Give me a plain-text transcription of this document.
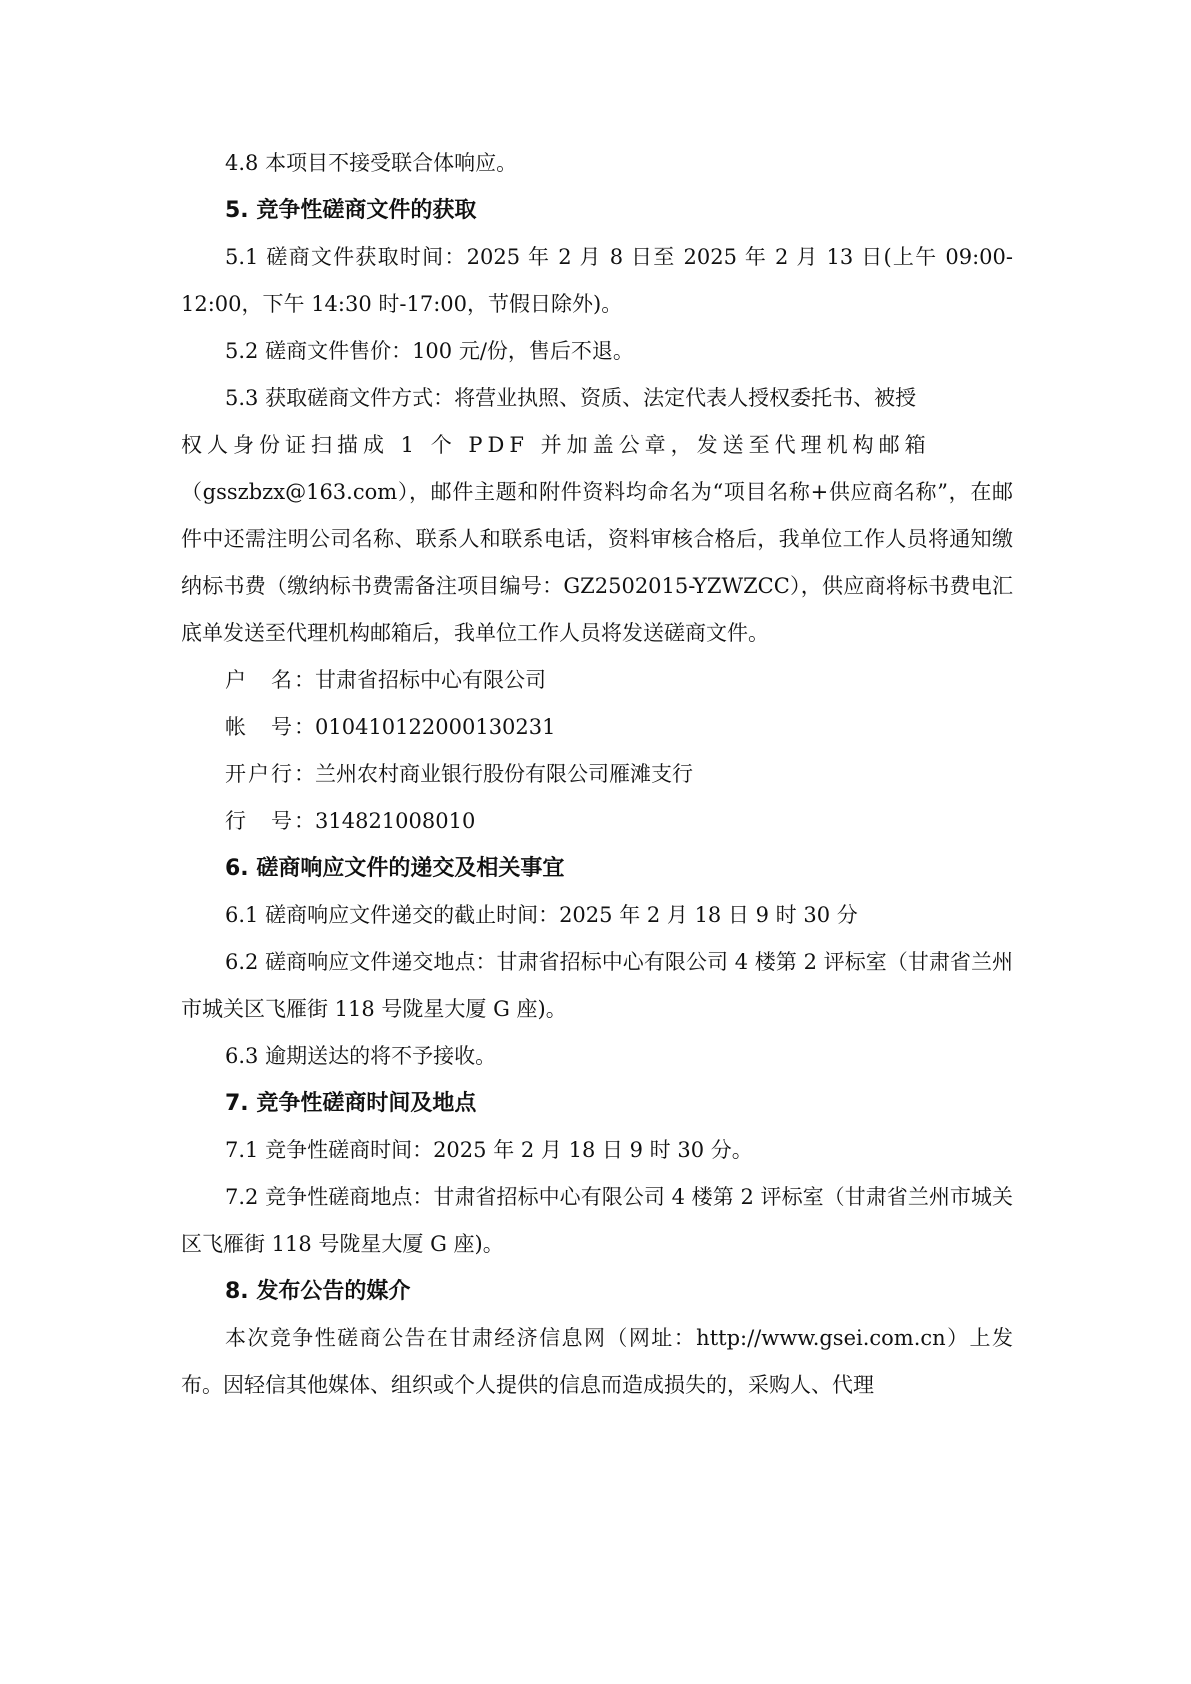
4.8 本项目不接受联合体响应。

5. 竞争性磋商文件的获取

5.1 磋商文件获取时间：2025 年 2 月 8 日至 2025 年 2 月 13 日(上午 09:00-12:00，下午 14:30 时-17:00，节假日除外)。

5.2 磋商文件售价：100 元/份，售后不退。

5.3 获取磋商文件方式：将营业执照、资质、法定代表人授权委托书、被授

权人身份证扫描成 1 个 PDF 并加盖公章，发送至代理机构邮箱

（gsszbzx@163.com），邮件主题和附件资料均命名为“项目名称+供应商名称”，在邮件中还需注明公司名称、联系人和联系电话，资料审核合格后，我单位工作人员将通知缴纳标书费（缴纳标书费需备注项目编号：GZ2502015-YZWZCC），供应商将标书费电汇底单发送至代理机构邮箱后，我单位工作人员将发送磋商文件。

户　名：甘肃省招标中心有限公司

帐　号：010410122000130231

开户行：兰州农村商业银行股份有限公司雁滩支行

行　号：314821008010

6. 磋商响应文件的递交及相关事宜

6.1 磋商响应文件递交的截止时间：2025 年 2 月 18 日 9 时 30 分

6.2 磋商响应文件递交地点：甘肃省招标中心有限公司 4 楼第 2 评标室（甘肃省兰州市城关区飞雁街 118 号陇星大厦 G 座)。

6.3 逾期送达的将不予接收。

7. 竞争性磋商时间及地点

7.1 竞争性磋商时间：2025 年 2 月 18 日 9 时 30 分。

7.2 竞争性磋商地点：甘肃省招标中心有限公司 4 楼第 2 评标室（甘肃省兰州市城关区飞雁街 118 号陇星大厦 G 座)。

8. 发布公告的媒介

本次竞争性磋商公告在甘肃经济信息网（网址：http://www.gsei.com.cn）上发布。因轻信其他媒体、组织或个人提供的信息而造成损失的，采购人、代理
